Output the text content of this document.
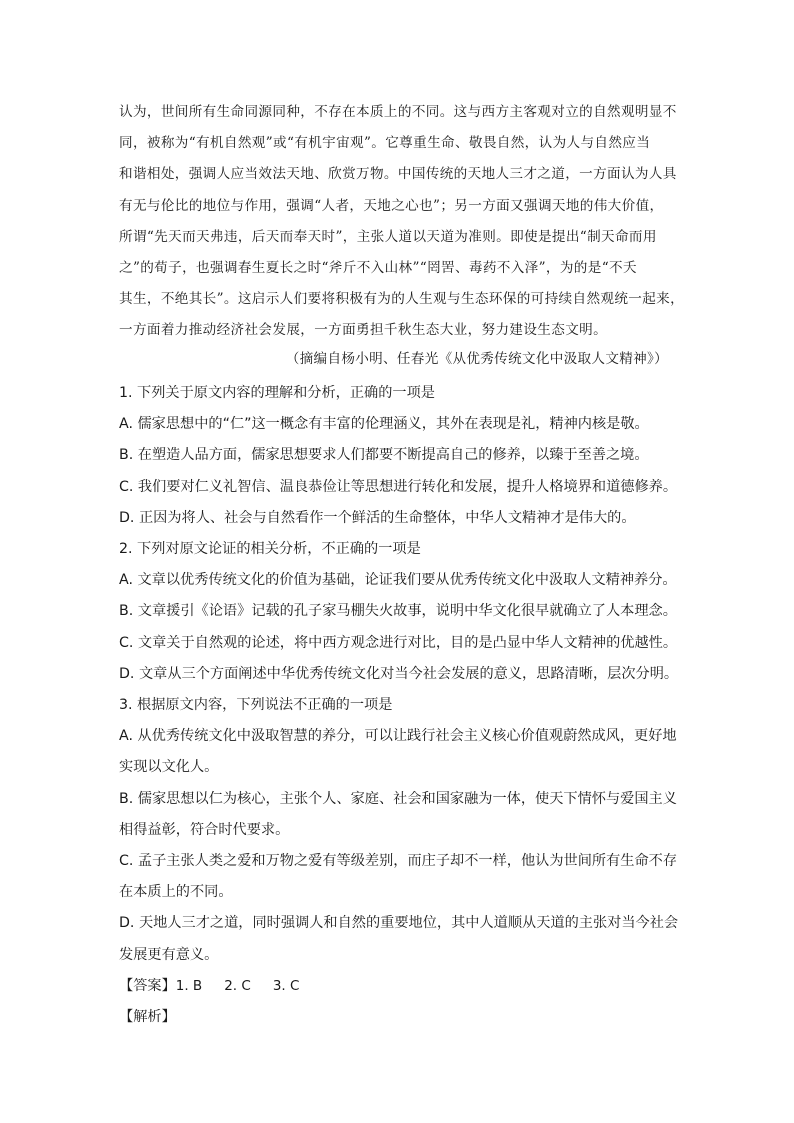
认为，世间所有生命同源同种，不存在本质上的不同。这与西方主客观对立的自然观明显不

同，被称为“有机自然观”或“有机宇宙观”。它尊重生命、敬畏自然，认为人与自然应当

和谐相处，强调人应当效法天地、欣赏万物。中国传统的天地人三才之道，一方面认为人具

有无与伦比的地位与作用，强调“人者，天地之心也”；另一方面又强调天地的伟大价值，

所谓“先天而天弗违，后天而奉天时”，主张人道以天道为准则。即使是提出“制天命而用

之”的荀子，也强调春生夏长之时“斧斤不入山林”“罔罟、毒药不入泽”，为的是“不夭

其生，不绝其长”。这启示人们要将积极有为的人生观与生态环保的可持续自然观统一起来，

一方面着力推动经济社会发展，一方面勇担千秋生态大业，努力建设生态文明。

（摘编自杨小明、任春光《从优秀传统文化中汲取人文精神》）

1. 下列关于原文内容的理解和分析，正确的一项是

A. 儒家思想中的“仁”这一概念有丰富的伦理涵义，其外在表现是礼，精神内核是敬。

B. 在塑造人品方面，儒家思想要求人们都要不断提高自己的修养，以臻于至善之境。

C. 我们要对仁义礼智信、温良恭俭让等思想进行转化和发展，提升人格境界和道德修养。

D. 正因为将人、社会与自然看作一个鲜活的生命整体，中华人文精神才是伟大的。

2. 下列对原文论证的相关分析，不正确的一项是

A. 文章以优秀传统文化的价值为基础，论证我们要从优秀传统文化中汲取人文精神养分。

B. 文章援引《论语》记载的孔子家马棚失火故事，说明中华文化很早就确立了人本理念。

C. 文章关于自然观的论述，将中西方观念进行对比，目的是凸显中华人文精神的优越性。

D. 文章从三个方面阐述中华优秀传统文化对当今社会发展的意义，思路清晰，层次分明。

3. 根据原文内容，下列说法不正确的一项是

A. 从优秀传统文化中汲取智慧的养分，可以让践行社会主义核心价值观蔚然成风，更好地实现以文化人。

B. 儒家思想以仁为核心，主张个人、家庭、社会和国家融为一体，使天下情怀与爱国主义相得益彰，符合时代要求。

C. 孟子主张人类之爱和万物之爱有等级差别，而庄子却不一样，他认为世间所有生命不存在本质上的不同。

D. 天地人三才之道，同时强调人和自然的重要地位，其中人道顺从天道的主张对当今社会发展更有意义。

【答案】1. B 2. C 3. C

【解析】
